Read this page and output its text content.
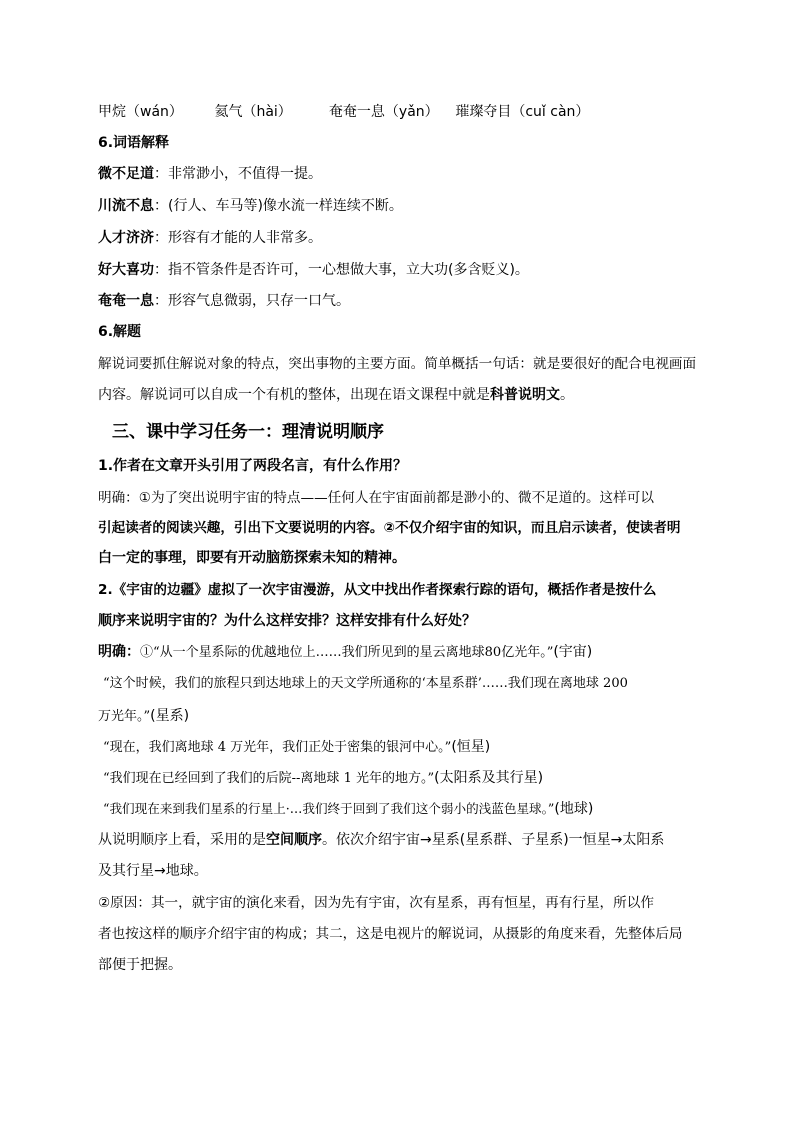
甲烷（wán） 氦气（hài）	奄奄一息（yǎn） 璀璨夺目（cuǐ càn）
6.词语解释
微不足道：非常渺小，不值得一提。
川流不息：(行人、车马等)像水流一样连续不断。
人才济济：形容有才能的人非常多。
好大喜功：指不管条件是否许可，一心想做大事，立大功(多含贬义)。
奄奄一息：形容气息微弱，只存一口气。
6.解题
解说词要抓住解说对象的特点，突出事物的主要方面。简单概括一句话：就是要很好的配合电视画面
内容。解说词可以自成一个有机的整体，出现在语文课程中就是科普说明文。
三、课中学习任务一：理清说明顺序
1.作者在文章开头引用了两段名言，有什么作用？
明确：①为了突出说明宇宙的特点——任何人在宇宙面前都是渺小的、微不足道的。这样可以
引起读者的阅读兴趣，引出下文要说明的内容。②不仅介绍宇宙的知识，而且启示读者，使读者明
白一定的事理，即要有开动脑筋探索未知的精神。
2.《宇宙的边疆》虚拟了一次宇宙漫游，从文中找出作者探索行踪的语句，概括作者是按什么
顺序来说明宇宙的？为什么这样安排？这样安排有什么好处？
明确：①“从一个星系际的优越地位上……我们所见到的星云离地球80亿光年。”(宇宙)
“这个时候，我们的旅程只到达地球上的天文学所通称的‘本星系群’……我们现在离地球 200
万光年。”(星系)
“现在，我们离地球 4 万光年，我们正处于密集的银河中心。”(恒星)
“我们现在已经回到了我们的后院--离地球 1 光年的地方。”(太阳系及其行星)
“我们现在来到我们星系的行星上·…我们终于回到了我们这个弱小的浅蓝色星球。”(地球)
从说明顺序上看，采用的是空间顺序。依次介绍宇宙→星系(星系群、子星系)一恒星→太阳系
及其行星→地球。
②原因：其一，就宇宙的演化来看，因为先有宇宙，次有星系，再有恒星，再有行星，所以作
者也按这样的顺序介绍宇宙的构成；其二，这是电视片的解说词，从摄影的角度来看，先整体后局
部便于把握。
